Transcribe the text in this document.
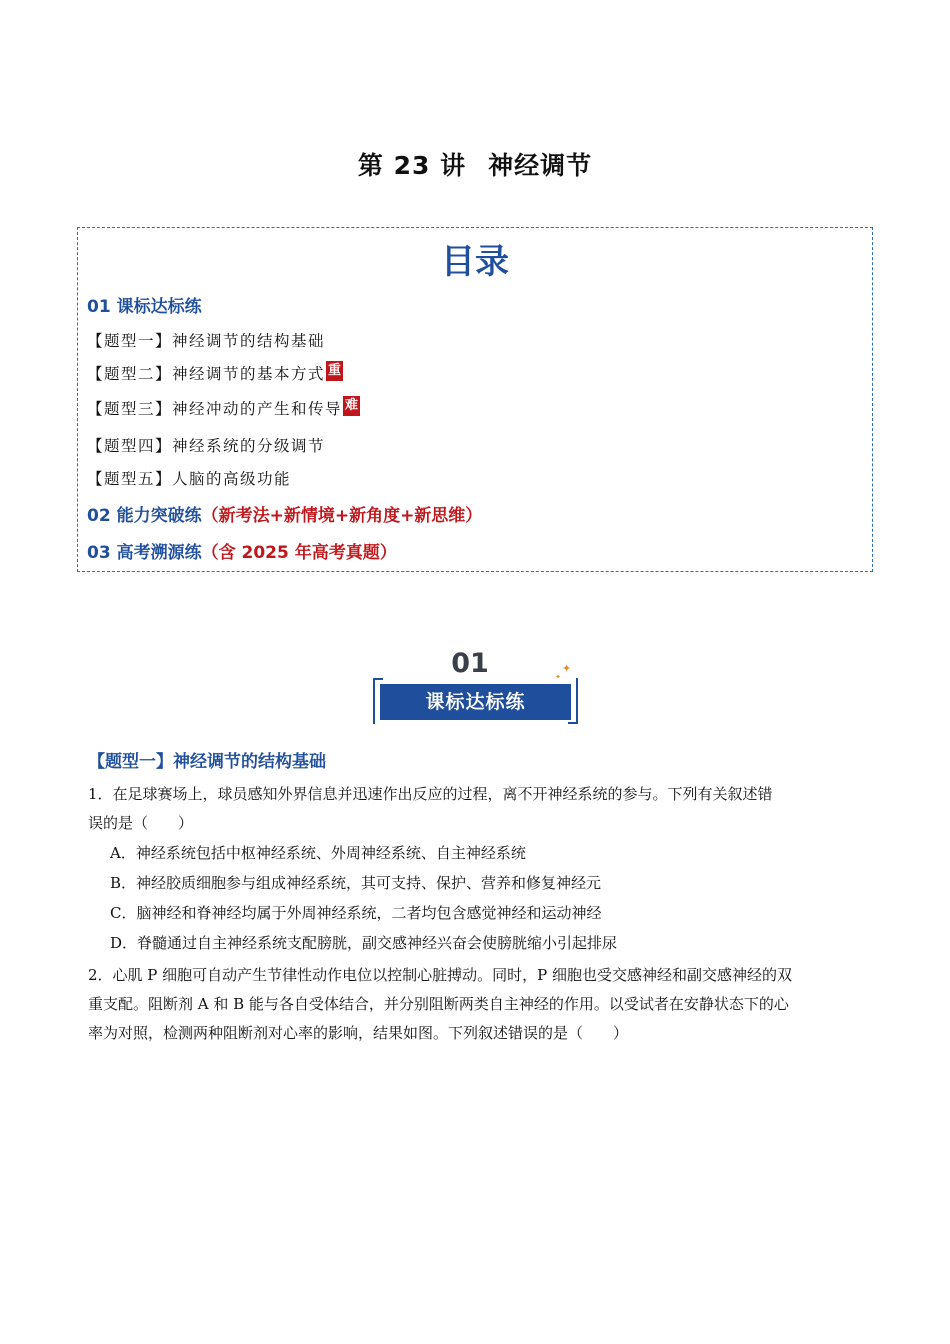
第 23 讲 神经调节
目录
01 课标达标练
【题型一】神经调节的结构基础
【题型二】神经调节的基本方式 重
【题型三】神经冲动的产生和传导 难
【题型四】神经系统的分级调节
【题型五】人脑的高级功能
02 能力突破练（新考法+新情境+新角度+新思维）
03 高考溯源练（含 2025 年高考真题）
01
课标达标练
✦
✦
【题型一】神经调节的结构基础
1．在足球赛场上，球员感知外界信息并迅速作出反应的过程，离不开神经系统的参与。下列有关叙述错
误的是（　　）
A．神经系统包括中枢神经系统、外周神经系统、自主神经系统
B．神经胶质细胞参与组成神经系统，其可支持、保护、营养和修复神经元
C．脑神经和脊神经均属于外周神经系统，二者均包含感觉神经和运动神经
D．脊髓通过自主神经系统支配膀胱，副交感神经兴奋会使膀胱缩小引起排尿
2．心肌 P 细胞可自动产生节律性动作电位以控制心脏搏动。同时，P 细胞也受交感神经和副交感神经的双
重支配。阻断剂 A 和 B 能与各自受体结合，并分别阻断两类自主神经的作用。以受试者在安静状态下的心
率为对照，检测两种阻断剂对心率的影响，结果如图。下列叙述错误的是（　　）
